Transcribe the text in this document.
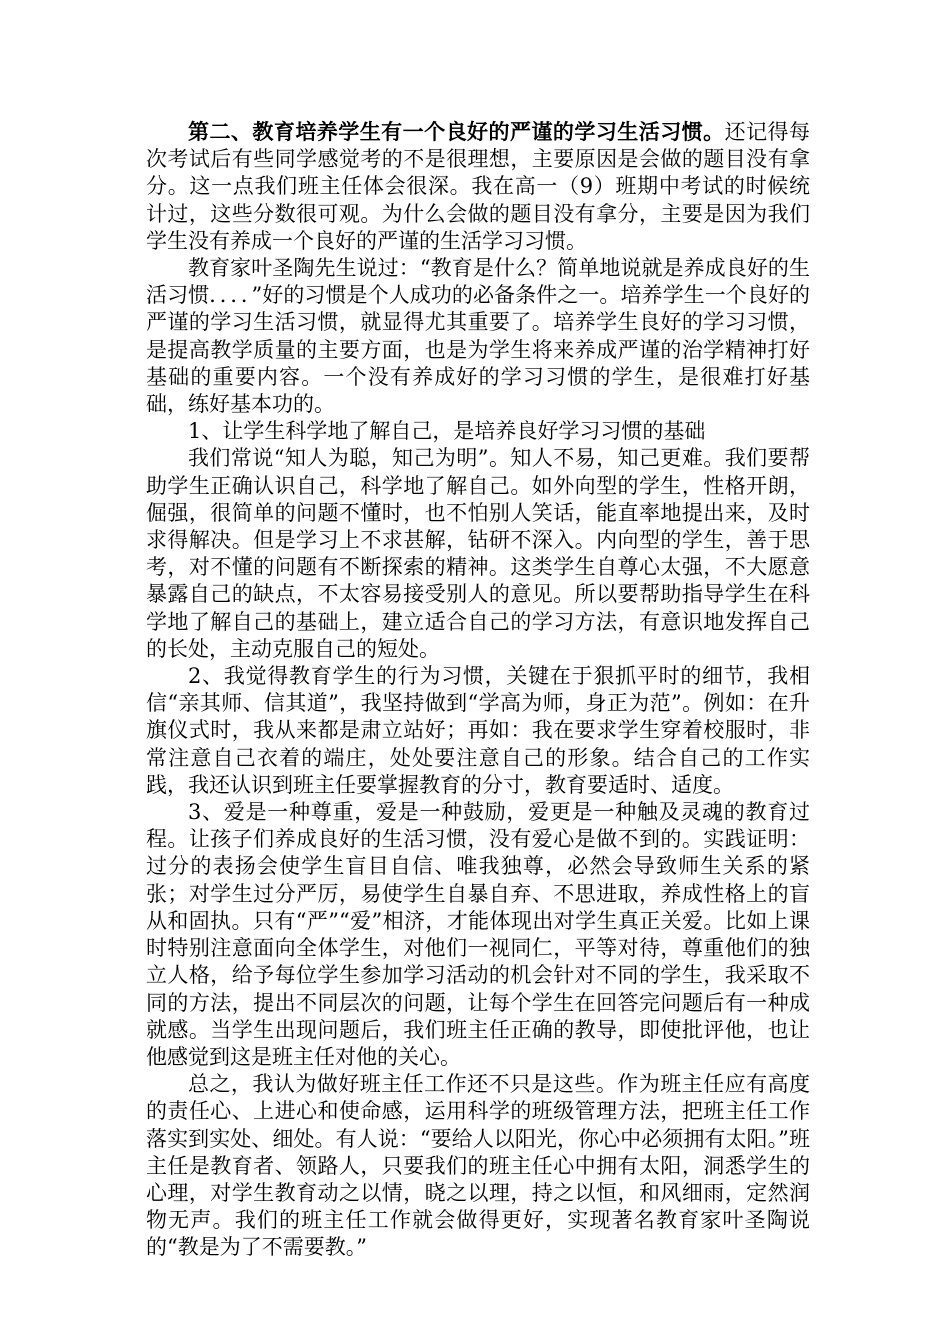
第二、教育培养学生有一个良好的严谨的学习生活习惯。还记得每次考试后有些同学感觉考的不是很理想，主要原因是会做的题目没有拿分。这一点我们班主任体会很深。我在高一（9）班期中考试的时候统计过，这些分数很可观。为什么会做的题目没有拿分，主要是因为我们学生没有养成一个良好的严谨的生活学习习惯。

教育家叶圣陶先生说过：“教育是什么？简单地说就是养成良好的生活习惯．．．．”好的习惯是个人成功的必备条件之一。培养学生一个良好的严谨的学习生活习惯，就显得尤其重要了。培养学生良好的学习习惯，是提高教学质量的主要方面，也是为学生将来养成严谨的治学精神打好基础的重要内容。一个没有养成好的学习习惯的学生，是很难打好基础，练好基本功的。

1、让学生科学地了解自己，是培养良好学习习惯的基础

我们常说“知人为聪，知己为明”。知人不易，知己更难。我们要帮助学生正确认识自己，科学地了解自己。如外向型的学生，性格开朗，倔强，很简单的问题不懂时，也不怕别人笑话，能直率地提出来，及时求得解决。但是学习上不求甚解，钻研不深入。内向型的学生，善于思考，对不懂的问题有不断探索的精神。这类学生自尊心太强，不大愿意暴露自己的缺点，不太容易接受别人的意见。所以要帮助指导学生在科学地了解自己的基础上，建立适合自己的学习方法，有意识地发挥自己的长处，主动克服自己的短处。

2、我觉得教育学生的行为习惯，关键在于狠抓平时的细节，我相信“亲其师、信其道”，我坚持做到“学高为师，身正为范”。例如：在升旗仪式时，我从来都是肃立站好；再如：我在要求学生穿着校服时，非常注意自己衣着的端庄，处处要注意自己的形象。结合自己的工作实践，我还认识到班主任要掌握教育的分寸，教育要适时、适度。

3、爱是一种尊重，爱是一种鼓励，爱更是一种触及灵魂的教育过程。让孩子们养成良好的生活习惯，没有爱心是做不到的。实践证明：过分的表扬会使学生盲目自信、唯我独尊，必然会导致师生关系的紧张；对学生过分严厉，易使学生自暴自弃、不思进取，养成性格上的盲从和固执。只有“严”“爱”相济，才能体现出对学生真正关爱。比如上课时特别注意面向全体学生，对他们一视同仁，平等对待，尊重他们的独立人格，给予每位学生参加学习活动的机会针对不同的学生，我采取不同的方法，提出不同层次的问题，让每个学生在回答完问题后有一种成就感。当学生出现问题后，我们班主任正确的教导，即使批评他，也让他感觉到这是班主任对他的关心。

总之，我认为做好班主任工作还不只是这些。作为班主任应有高度的责任心、上进心和使命感，运用科学的班级管理方法，把班主任工作落实到实处、细处。有人说：“要给人以阳光，你心中必须拥有太阳。”班主任是教育者、领路人，只要我们的班主任心中拥有太阳，洞悉学生的心理，对学生教育动之以情，晓之以理，持之以恒，和风细雨，定然润物无声。我们的班主任工作就会做得更好，实现著名教育家叶圣陶说的“教是为了不需要教。”
